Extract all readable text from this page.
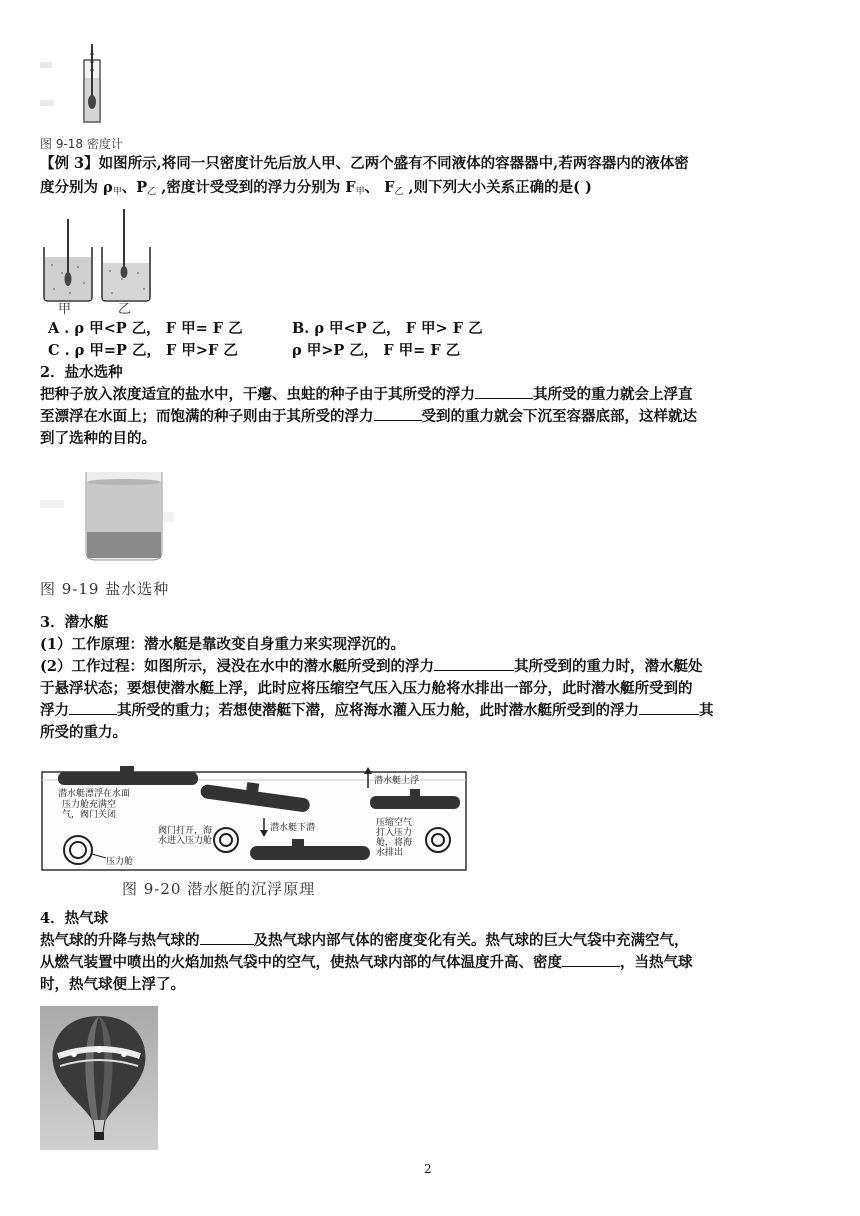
图 9-18 密度计
【例 3】如图所示,将同一只密度计先后放人甲、乙两个盛有不同液体的容器器中,若两容器内的液体密
度分别为 $\rho_甲$、$P_乙$ ,密度计受受到的浮力分别为 $F_甲$、 $F_乙$ ,则下列大小关系正确的是( )
甲	乙
A . ρ 甲<P 乙， F 甲= F 乙	B. ρ 甲<P 乙， F 甲> F 乙
C . ρ 甲=P 乙， F 甲>F 乙	ρ 甲>P 乙， F 甲= F 乙
2．盐水选种
把种子放入浓度适宜的盐水中，干瘪、虫蛀的种子由于其所受的浮力	其所受的重力就会上浮直
至漂浮在水面上；而饱满的种子则由于其所受的浮力	受到的重力就会下沉至容器底部，这样就达
到了选种的目的。
图 9-19 盐水选种
3．潜水艇
(1）工作原理：潜水艇是靠改变自身重力来实现浮沉的。
(2）工作过程：如图所示，浸没在水中的潜水艇所受到的浮力	其所受到的重力时，潜水艇处
于悬浮状态；要想使潜水艇上浮，此时应将压缩空气压入压力舱将水排出一部分，此时潜水艇所受到的
浮力	其所受的重力；若想使潜艇下潜，应将海水灌入压力舱，此时潜水艇所受到的浮力	其
所受的重力。
潜水艇漂浮在水面
压力舱充满空
气，阀门关闭
压力舱
阀门打开，海
水进入压力舱
潜水艇下潜
潜水艇上浮
压缩空气
打入压力
舱，将海
水排出
图 9-20 潜水艇的沉浮原理
4．热气球
热气球的升降与热气球的	及热气球内部气体的密度变化有关。热气球的巨大气袋中充满空气，
从燃气装置中喷出的火焰加热气袋中的空气，使热气球内部的气体温度升高、密度	，当热气球
时，热气球便上浮了。
2
